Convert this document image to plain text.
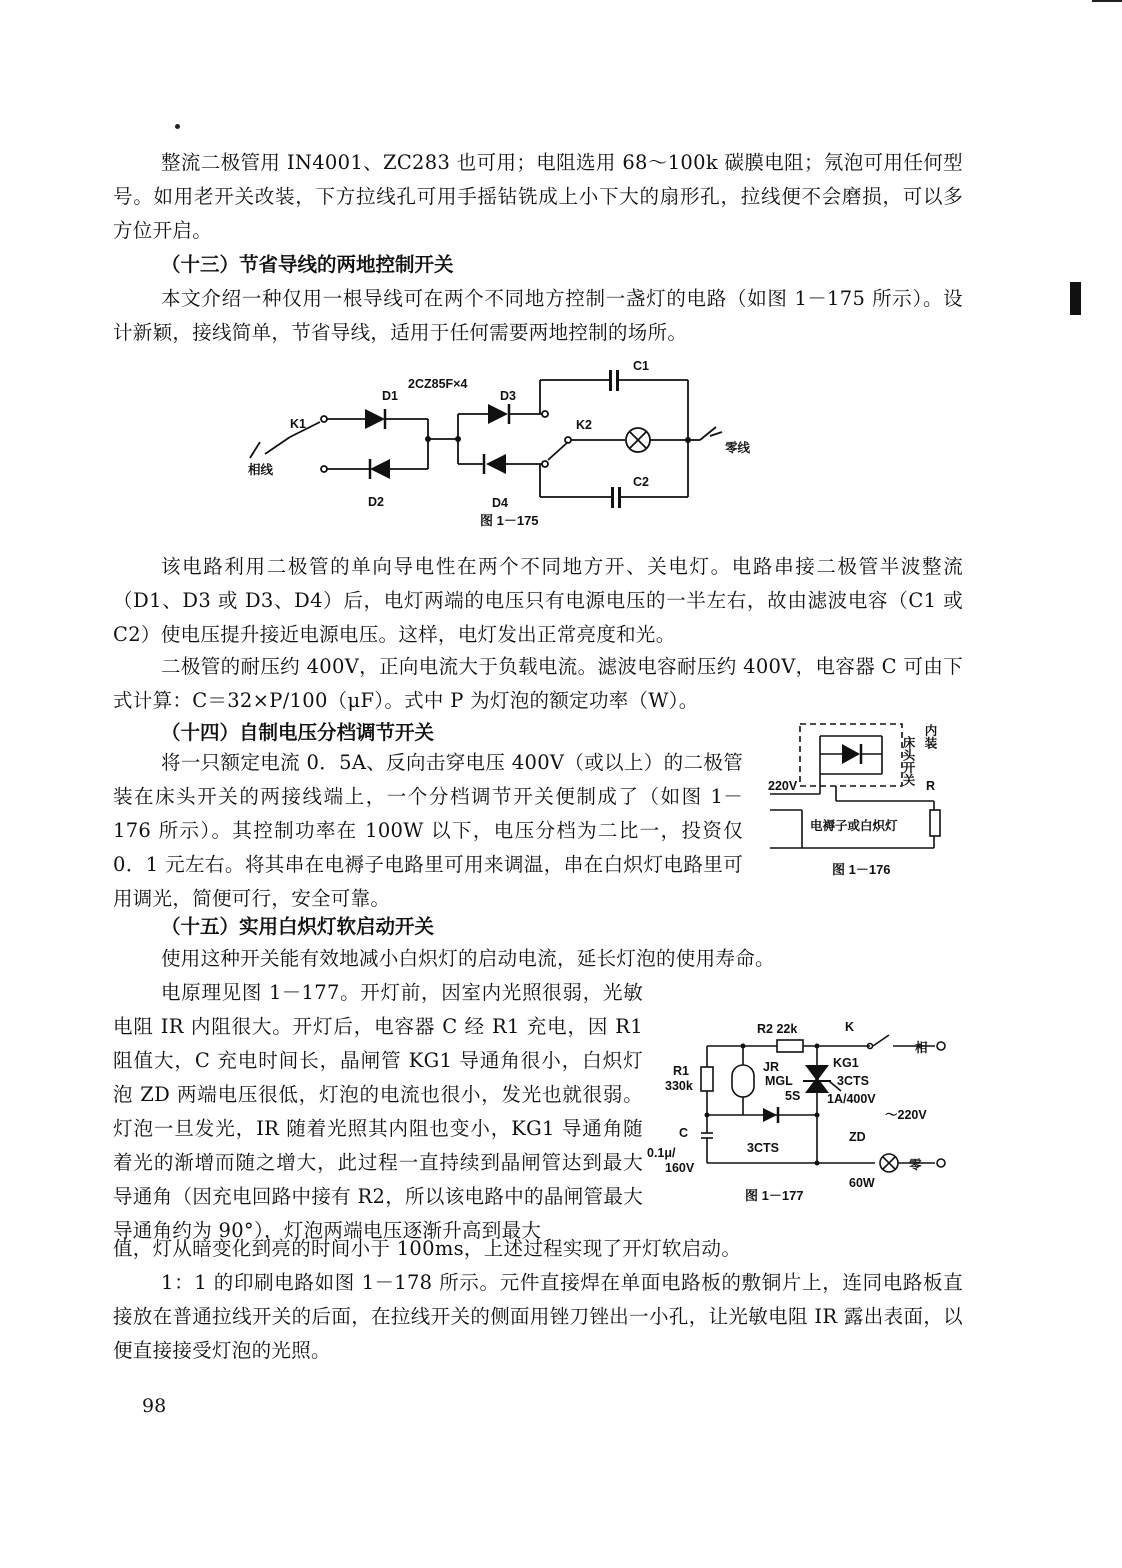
整流二极管用 IN4001、ZC283 也可用；电阻选用 68～100k 碳膜电阻；氖泡可用任何型号。如用老开关改装，下方拉线孔可用手摇钻铣成上小下大的扇形孔，拉线便不会磨损，可以多方位开启。

（十三）节省导线的两地控制开关

本文介绍一种仅用一根导线可在两个不同地方控制一盏灯的电路（如图 1－175 所示）。设计新颖，接线简单，节省导线，适用于任何需要两地控制的场所。

K1
D1
2CZ85F×4
D3
C1
K2
相线
零线
D2	D4
C2
图 1－175

该电路利用二极管的单向导电性在两个不同地方开、关电灯。电路串接二极管半波整流（D1、D3 或 D3、D4）后，电灯两端的电压只有电源电压的一半左右，故由滤波电容（C1 或 C2）使电压提升接近电源电压。这样，电灯发出正常亮度和光。

二极管的耐压约 400V，正向电流大于负载电流。滤波电容耐压约 400V，电容器 C 可由下式计算：C＝32×P/100（μF）。式中 P 为灯泡的额定功率（W）。

（十四）自制电压分档调节开关

将一只额定电流 0．5A、反向击穿电压 400V（或以上）的二极管装在床头开关的两接线端上，一个分档调节开关便制成了（如图 1－176 所示）。其控制功率在 100W 以下，电压分档为二比一，投资仅 0．1 元左右。将其串在电褥子电路里可用来调温，串在白炽灯电路里可用调光，简便可行，安全可靠。

220V	床头开关 内装
R
电褥子或白炽灯
图 1－176

（十五）实用白炽灯软启动开关

使用这种开关能有效地减小白炽灯的启动电流，延长灯泡的使用寿命。

电原理见图 1－177。开灯前，因室内光照很弱，光敏电阻 IR 内阻很大。开灯后，电容器 C 经 R1 充电，因 R1 阻值大，C 充电时间长，晶闸管 KG1 导通角很小，白炽灯泡 ZD 两端电压很低，灯泡的电流也很小，发光也就很弱。灯泡一旦发光，IR 随着光照其内阻也变小，KG1 导通角随着光的渐增而随之增大，此过程一直持续到晶闸管达到最大导通角（因充电回路中接有 R2，所以该电路中的晶闸管最大导通角约为 90°），灯泡两端电压逐渐升高到最大

值，灯从暗变化到亮的时间小于 100ms，上述过程实现了开灯软启动。

R2 22k	K
相
R1
330k
JR
MGL
5S
KG1
3CTS
1A/400V
～220V
C
0.1μ/
160V
3CTS
ZD
零
60W
图 1－177

1：1 的印刷电路如图 1－178 所示。元件直接焊在单面电路板的敷铜片上，连同电路板直接放在普通拉线开关的后面，在拉线开关的侧面用锉刀锉出一小孔，让光敏电阻 IR 露出表面，以便直接接受灯泡的光照。

98
